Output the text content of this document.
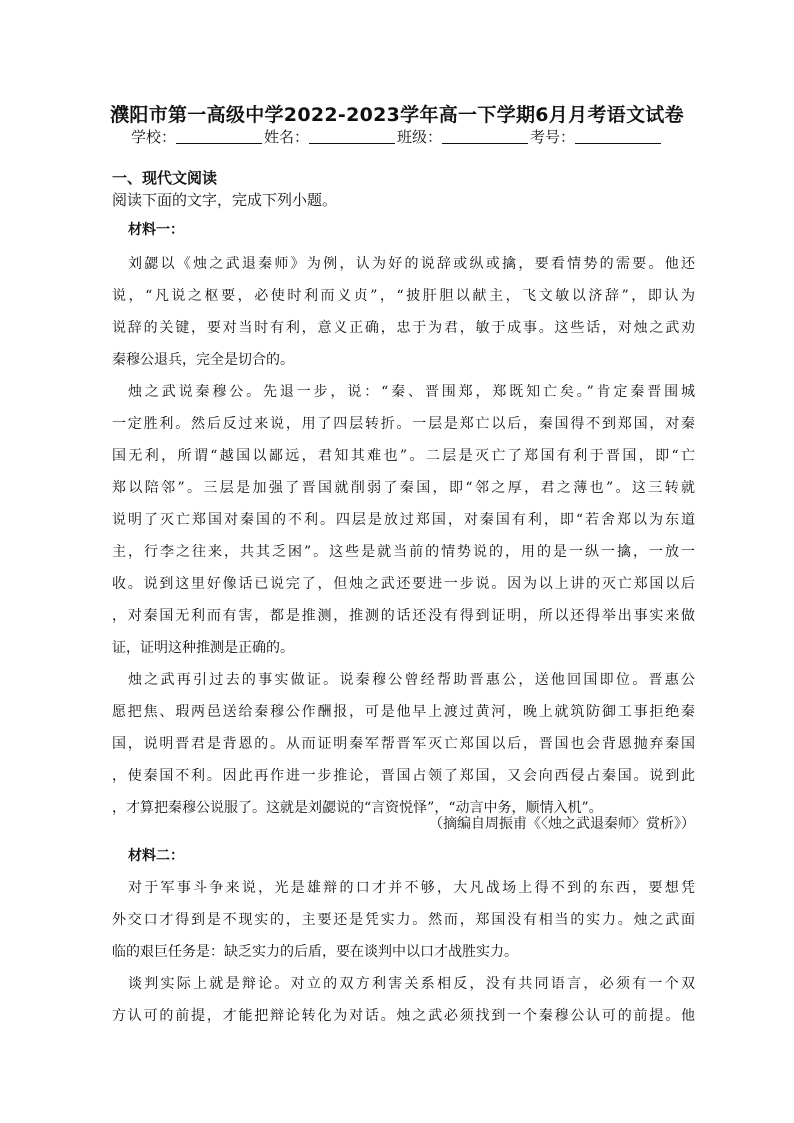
濮阳市第一高级中学2022-2023学年高一下学期6月月考语文试卷
学校：	姓名：	班级：	考号：
一、现代文阅读
阅读下面的文字，完成下列小题。
材料一：
刘勰以《烛之武退秦师》为例，认为好的说辞或纵或擒，要看情势的需要。他还
说，“凡说之枢要，必使时利而义贞”，“披肝胆以献主，飞文敏以济辞”，即认为
说辞的关键，要对当时有利，意义正确，忠于为君，敏于成事。这些话，对烛之武劝
秦穆公退兵，完全是切合的。
烛之武说秦穆公。先退一步，说：“秦、晋围郑，郑既知亡矣。”肯定秦晋围城
一定胜利。然后反过来说，用了四层转折。一层是郑亡以后，秦国得不到郑国，对秦
国无利，所谓“越国以鄙远，君知其难也”。二层是灭亡了郑国有利于晋国，即“亡
郑以陪邻”。三层是加强了晋国就削弱了秦国，即“邻之厚，君之薄也”。这三转就
说明了灭亡郑国对秦国的不利。四层是放过郑国，对秦国有利，即“若舍郑以为东道
主，行李之往来，共其乏困”。这些是就当前的情势说的，用的是一纵一擒，一放一
收。说到这里好像话已说完了，但烛之武还要进一步说。因为以上讲的灭亡郑国以后
，对秦国无利而有害，都是推测，推测的话还没有得到证明，所以还得举出事实来做
证，证明这种推测是正确的。
烛之武再引过去的事实做证。说秦穆公曾经帮助晋惠公，送他回国即位。晋惠公
愿把焦、瑕两邑送给秦穆公作酬报，可是他早上渡过黄河，晚上就筑防御工事拒绝秦
国，说明晋君是背恩的。从而证明秦军帮晋军灭亡郑国以后，晋国也会背恩抛弃秦国
，使秦国不利。因此再作进一步推论，晋国占领了郑国，又会向西侵占秦国。说到此
，才算把秦穆公说服了。这就是刘勰说的“言资悦怿”，“动言中务，顺情入机”。
（摘编自周振甫《〈烛之武退秦师〉赏析》）
材料二：
对于军事斗争来说，光是雄辩的口才并不够，大凡战场上得不到的东西，要想凭
外交口才得到是不现实的，主要还是凭实力。然而，郑国没有相当的实力。烛之武面
临的艰巨任务是：缺乏实力的后盾，要在谈判中以口才战胜实力。
谈判实际上就是辩论。对立的双方利害关系相反，没有共同语言，必须有一个双
方认可的前提，才能把辩论转化为对话。烛之武必须找到一个秦穆公认可的前提。他
